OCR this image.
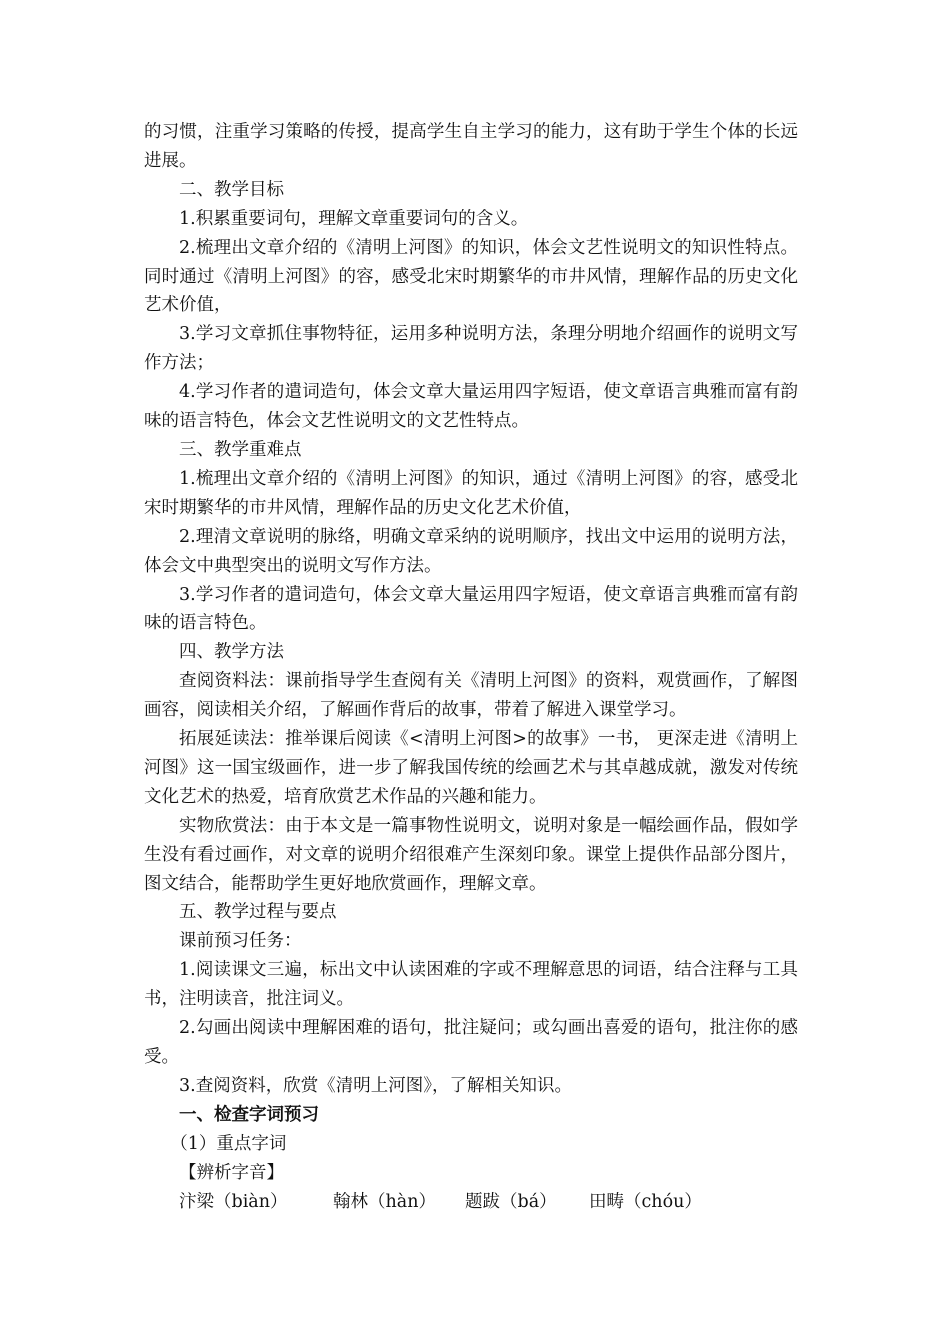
的习惯，注重学习策略的传授，提高学生自主学习的能力，这有助于学生个体的长远进展。

二、教学目标

1.积累重要词句，理解文章重要词句的含义。

2.梳理出文章介绍的《清明上河图》的知识，体会文艺性说明文的知识性特点。同时通过《清明上河图》的容，感受北宋时期繁华的市井风情，理解作品的历史文化艺术价值，

3.学习文章抓住事物特征，运用多种说明方法，条理分明地介绍画作的说明文写作方法；

4.学习作者的遣词造句，体会文章大量运用四字短语，使文章语言典雅而富有韵味的语言特色，体会文艺性说明文的文艺性特点。

三、教学重难点

1.梳理出文章介绍的《清明上河图》的知识，通过《清明上河图》的容，感受北宋时期繁华的市井风情，理解作品的历史文化艺术价值，

2.理清文章说明的脉络，明确文章采纳的说明顺序，找出文中运用的说明方法，体会文中典型突出的说明文写作方法。

3.学习作者的遣词造句，体会文章大量运用四字短语，使文章语言典雅而富有韵味的语言特色。

四、教学方法

查阅资料法：课前指导学生查阅有关《清明上河图》的资料，观赏画作，了解图画容，阅读相关介绍，了解画作背后的故事，带着了解进入课堂学习。

拓展延读法：推举课后阅读《<清明上河图>的故事》一书， 更深走进《清明上河图》这一国宝级画作，进一步了解我国传统的绘画艺术与其卓越成就，激发对传统文化艺术的热爱，培育欣赏艺术作品的兴趣和能力。

实物欣赏法：由于本文是一篇事物性说明文，说明对象是一幅绘画作品，假如学生没有看过画作，对文章的说明介绍很难产生深刻印象。课堂上提供作品部分图片，图文结合，能帮助学生更好地欣赏画作，理解文章。

五、教学过程与要点

课前预习任务：

1.阅读课文三遍，标出文中认读困难的字或不理解意思的词语，结合注释与工具书，注明读音，批注词义。

2.勾画出阅读中理解困难的语句，批注疑问；或勾画出喜爱的语句，批注你的感受。

3.查阅资料，欣赏《清明上河图》，了解相关知识。

一、检查字词预习

（1）重点字词

【辨析字音】

汴梁（biàn）	翰林（hàn）	题跋（bá）	田畴（chóu）
